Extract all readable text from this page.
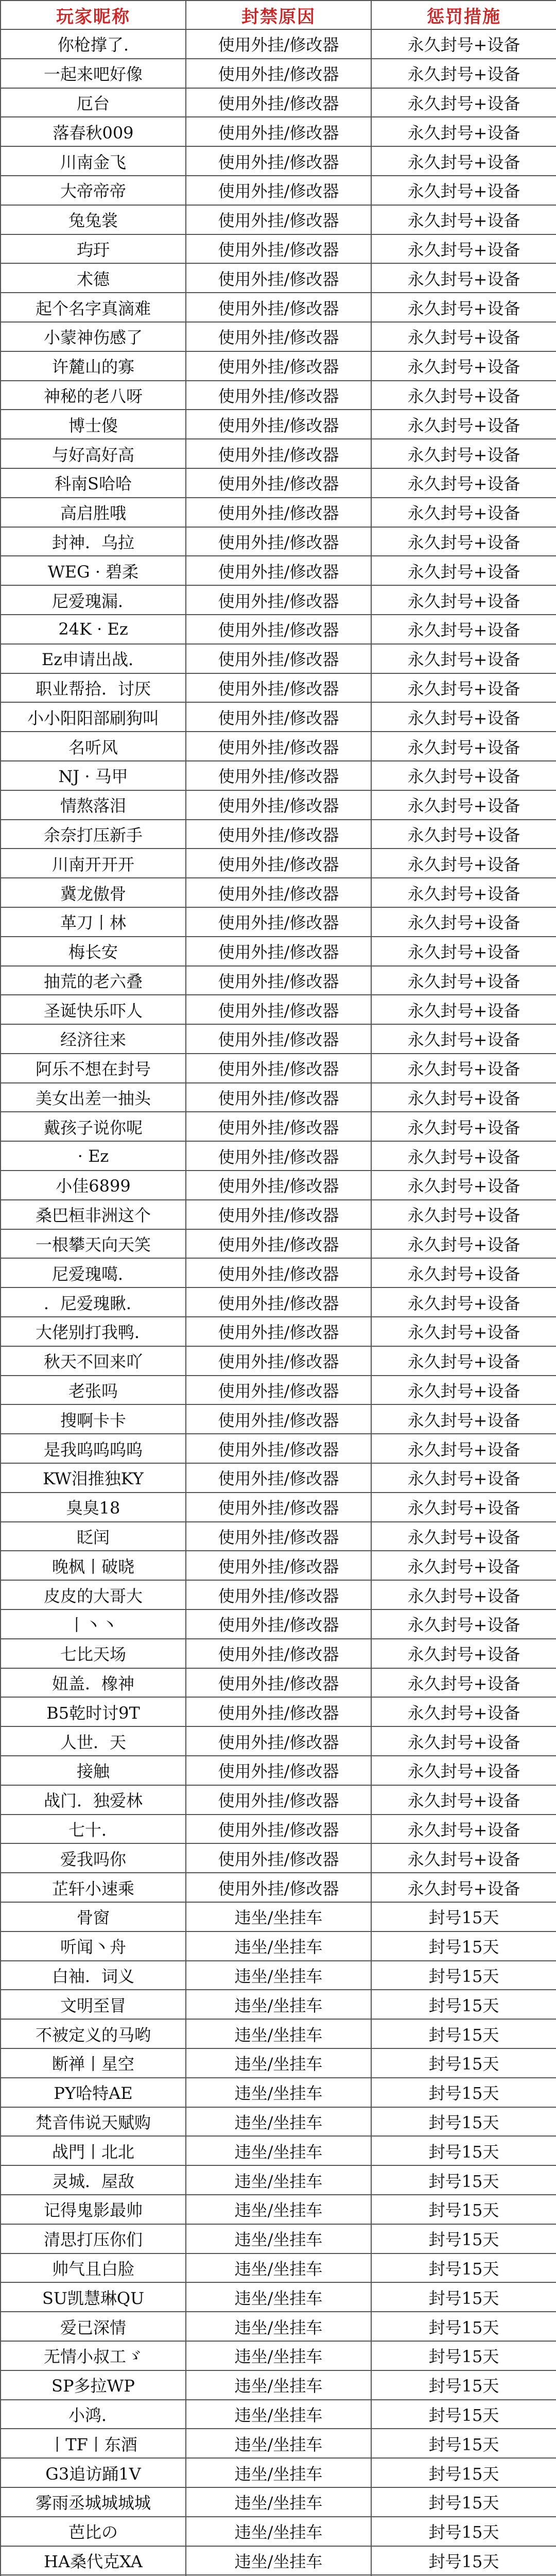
玩家昵称	封禁原因	惩罚措施
你枪撑了.	使用外挂/修改器	永久封号+设备
一起来吧好像	使用外挂/修改器	永久封号+设备
厄台	使用外挂/修改器	永久封号+设备
落春秋009	使用外挂/修改器	永久封号+设备
川南金飞	使用外挂/修改器	永久封号+设备
大帝帝帝	使用外挂/修改器	永久封号+设备
兔兔裳	使用外挂/修改器	永久封号+设备
玙玗	使用外挂/修改器	永久封号+设备
术德	使用外挂/修改器	永久封号+设备
起个名字真滴难	使用外挂/修改器	永久封号+设备
小蒙神伤感了	使用外挂/修改器	永久封号+设备
许麓山的寡	使用外挂/修改器	永久封号+设备
神秘的老八呀	使用外挂/修改器	永久封号+设备
博士傻	使用外挂/修改器	永久封号+设备
与好高好高	使用外挂/修改器	永久封号+设备
科南S哈哈	使用外挂/修改器	永久封号+设备
高启胜哦	使用外挂/修改器	永久封号+设备
封神．乌拉	使用外挂/修改器	永久封号+设备
WEG · 碧柔	使用外挂/修改器	永久封号+设备
尼爱瑰漏．	使用外挂/修改器	永久封号+设备
24K · Ez	使用外挂/修改器	永久封号+设备
Ez申请出战．	使用外挂/修改器	永久封号+设备
职业帮拾．讨厌	使用外挂/修改器	永久封号+设备
小小阳阳部刷狗叫	使用外挂/修改器	永久封号+设备
名听风	使用外挂/修改器	永久封号+设备
NJ · 马甲	使用外挂/修改器	永久封号+设备
情熬落泪	使用外挂/修改器	永久封号+设备
余奈打压新手	使用外挂/修改器	永久封号+设备
川南开开开	使用外挂/修改器	永久封号+设备
冀龙傲骨	使用外挂/修改器	永久封号+设备
革刀丨林	使用外挂/修改器	永久封号+设备
梅长安	使用外挂/修改器	永久封号+设备
抽荒的老六叠	使用外挂/修改器	永久封号+设备
圣诞快乐吓人	使用外挂/修改器	永久封号+设备
经济往来	使用外挂/修改器	永久封号+设备
阿乐不想在封号	使用外挂/修改器	永久封号+设备
美女出差一抽头	使用外挂/修改器	永久封号+设备
戴孩子说你呢	使用外挂/修改器	永久封号+设备
· Ez	使用外挂/修改器	永久封号+设备
小佳6899	使用外挂/修改器	永久封号+设备
桑巴桓非洲这个	使用外挂/修改器	永久封号+设备
一根攀天向天笑	使用外挂/修改器	永久封号+设备
尼爱瑰噶．	使用外挂/修改器	永久封号+设备
．尼爱瑰瞅．	使用外挂/修改器	永久封号+设备
大佬别打我鸭．	使用外挂/修改器	永久封号+设备
秋天不回来吖	使用外挂/修改器	永久封号+设备
老张吗	使用外挂/修改器	永久封号+设备
搜啊卡卡	使用外挂/修改器	永久封号+设备
是我呜呜呜呜	使用外挂/修改器	永久封号+设备
KW泪推独KY	使用外挂/修改器	永久封号+设备
臭臭18	使用外挂/修改器	永久封号+设备
眨闰	使用外挂/修改器	永久封号+设备
晚枫丨破晓	使用外挂/修改器	永久封号+设备
皮皮的大哥大	使用外挂/修改器	永久封号+设备
丨丶丶	使用外挂/修改器	永久封号+设备
七比天场	使用外挂/修改器	永久封号+设备
妞盖．橡神	使用外挂/修改器	永久封号+设备
B5乾时讨9T	使用外挂/修改器	永久封号+设备
人世．天	使用外挂/修改器	永久封号+设备
接触	使用外挂/修改器	永久封号+设备
战门．独爱林	使用外挂/修改器	永久封号+设备
七十．	使用外挂/修改器	永久封号+设备
爱我吗你	使用外挂/修改器	永久封号+设备
芷轩小速乘	使用外挂/修改器	永久封号+设备
骨窗	违坐/坐挂车	封号15天
听闻丶舟	违坐/坐挂车	封号15天
白袖．词义	违坐/坐挂车	封号15天
文明至冒	违坐/坐挂车	封号15天
不被定义的马哟	违坐/坐挂车	封号15天
断禅丨星空	违坐/坐挂车	封号15天
PY哈特AE	违坐/坐挂车	封号15天
梵音伟说天赋购	违坐/坐挂车	封号15天
战門丨北北	违坐/坐挂车	封号15天
灵城．屋敌	违坐/坐挂车	封号15天
记得鬼影最帅	违坐/坐挂车	封号15天
清思打压你们	违坐/坐挂车	封号15天
帅气且白脸	违坐/坐挂车	封号15天
SU凯慧琳QU	违坐/坐挂车	封号15天
爱已深情	违坐/坐挂车	封号15天
无情小叔工ゞ	违坐/坐挂车	封号15天
SP多拉WP	违坐/坐挂车	封号15天
小鸿．	违坐/坐挂车	封号15天
丨TF丨东酒	违坐/坐挂车	封号15天
G3追访踊1V	违坐/坐挂车	封号15天
雾雨丞城城城城	违坐/坐挂车	封号15天
芭比の	违坐/坐挂车	封号15天
HA桑代克XA	违坐/坐挂车	封号15天
